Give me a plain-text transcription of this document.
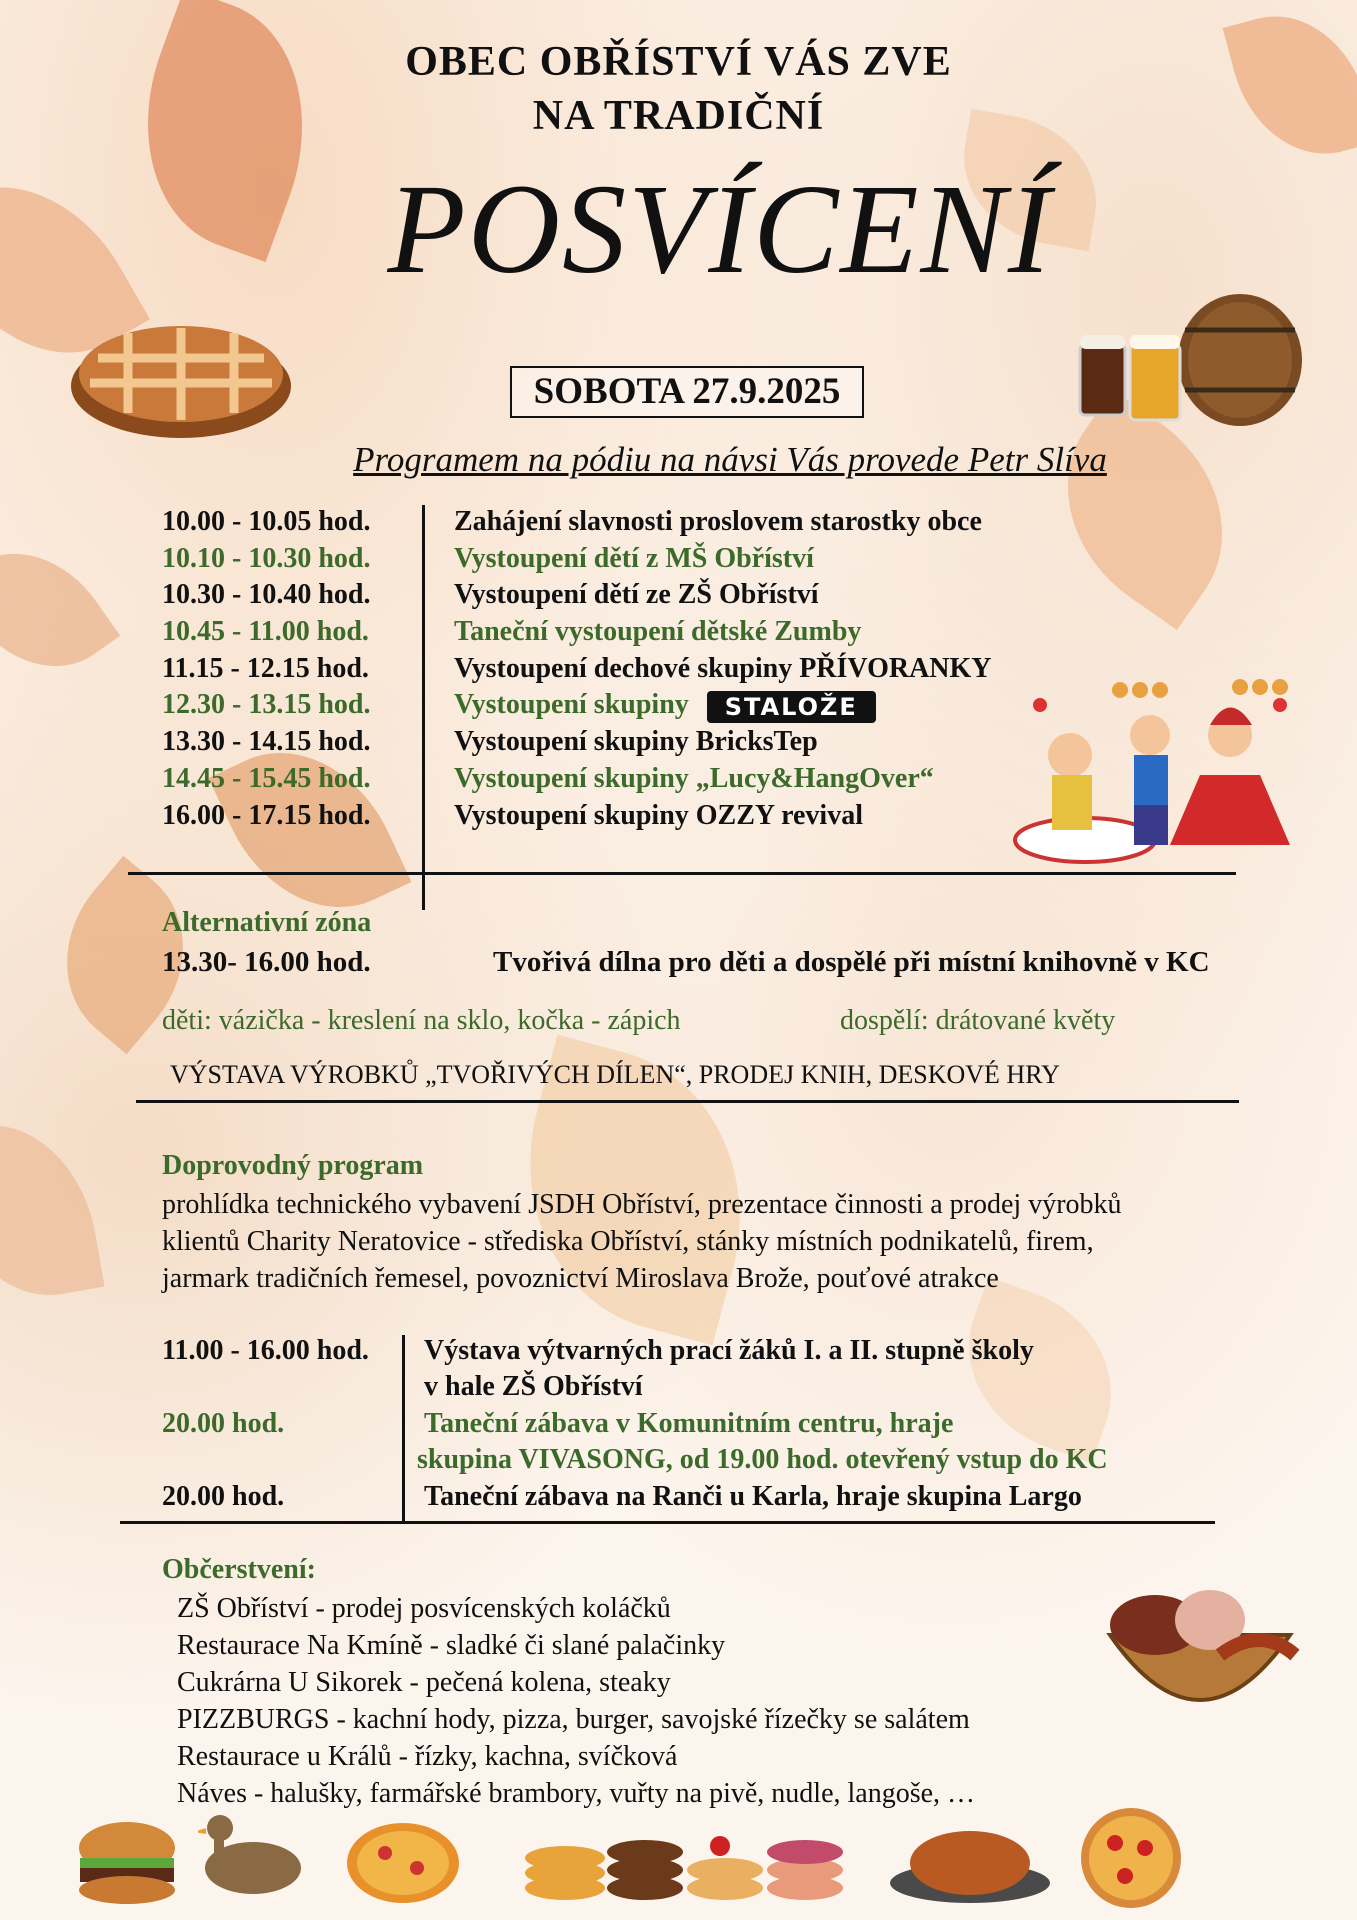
OBEC OBŘÍSTVÍ VÁS ZVE

NA TRADIČNÍ

POSVÍCENÍ

SOBOTA 27.9.2025

Programem na pódiu na návsi Vás provede Petr Slíva

10.00 - 10.05 hod.	Zahájení slavnosti proslovem starostky obce
10.10 - 10.30 hod.	Vystoupení dětí z MŠ Obříství
10.30 - 10.40 hod.	Vystoupení dětí ze ZŠ Obříství
10.45 - 11.00 hod.	Taneční vystoupení dětské Zumby
11.15 - 12.15 hod.	Vystoupení dechové skupiny PŘÍVORANKY
12.30 - 13.15 hod.	Vystoupení skupiny STALOŽE
13.30 - 14.15 hod.	Vystoupení skupiny BricksTep
14.45 - 15.45 hod.	Vystoupení skupiny „Lucy&HangOver“
16.00 - 17.15 hod.	Vystoupení skupiny OZZY revival

Alternativní zóna

13.30- 16.00 hod.	Tvořivá dílna pro děti a dospělé při místní knihovně v KC

děti: vázička - kreslení na sklo, kočka - zápich	dospělí: drátované květy

VÝSTAVA VÝROBKŮ „TVOŘIVÝCH DÍLEN“, PRODEJ KNIH, DESKOVÉ HRY

Doprovodný program

prohlídka technického vybavení JSDH Obříství, prezentace činnosti a prodej výrobků
klientů Charity Neratovice - střediska Obříství, stánky místních podnikatelů, firem,
jarmark tradičních řemesel, povoznictví Miroslava Brože, pouťové atrakce
11.00 - 16.00 hod. Výstava výtvarných prací žáků I. a II. stupně školy
v hale ZŠ Obříství
20.00 hod.	Taneční zábava v Komunitním centru, hraje
skupina VIVASONG, od 19.00 hod. otevřený vstup do KC
20.00 hod.	Taneční zábava na Ranči u Karla, hraje skupina Largo

Občerstvení:

ZŠ Obříství - prodej posvícenských koláčků
Restaurace Na Kmíně - sladké či slané palačinky
Cukrárna U Sikorek - pečená kolena, steaky
PIZZBURGS - kachní hody, pizza, burger, savojské řízečky se salátem
Restaurace u Králů - řízky, kachna, svíčková
Náves - halušky, farmářské brambory, vuřty na pivě, nudle, langoše, …
